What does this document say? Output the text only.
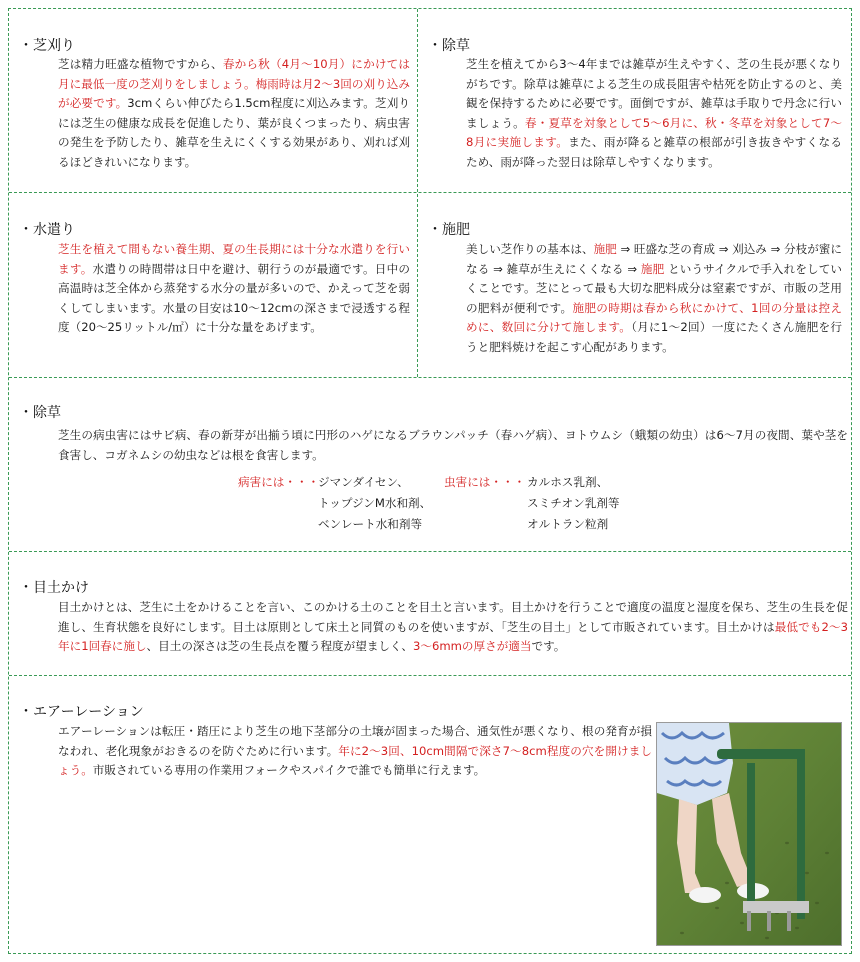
・芝刈り
芝は精力旺盛な植物ですから、春から秋（4月～10月）にかけては月に最低一度の芝刈りをしましょう。梅雨時は月2～3回の刈り込みが必要です。3cmくらい伸びたら1.5cm程度に刈込みます。芝刈りには芝生の健康な成長を促進したり、葉が良くつまったり、病虫害の発生を予防したり、雑草を生えにくくする効果があり、刈れば刈るほどきれいになります。
・除草
芝生を植えてから3～4年までは雑草が生えやすく、芝の生長が悪くなりがちです。除草は雑草による芝生の成長阻害や枯死を防止するのと、美観を保持するために必要です。面倒ですが、雑草は手取りで丹念に行いましょう。春・夏草を対象として5～6月に、秋・冬草を対象として7～8月に実施します。また、雨が降ると雑草の根部が引き抜きやすくなるため、雨が降った翌日は除草しやすくなります。
・水遣り
芝生を植えて間もない養生期、夏の生長期には十分な水遣りを行います。水遣りの時間帯は日中を避け、朝行うのが最適です。日中の高温時は芝全体から蒸発する水分の量が多いので、かえって芝を弱くしてしまいます。水量の目安は10～12cmの深さまで浸透する程度（20～25リットル/㎡）に十分な量をあげます。
・施肥
美しい芝作りの基本は、施肥 ⇒ 旺盛な芝の育成 ⇒ 刈込み ⇒ 分枝が蜜になる ⇒ 雑草が生えにくくなる ⇒ 施肥 というサイクルで手入れをしていくことです。芝にとって最も大切な肥料成分は窒素ですが、市販の芝用の肥料が便利です。施肥の時期は春から秋にかけて、1回の分量は控えめに、数回に分けて施します。（月に1～2回）一度にたくさん施肥を行うと肥料焼けを起こす心配があります。
・除草
芝生の病虫害にはサビ病、春の新芽が出揃う頃に円形のハゲになるブラウンパッチ（春ハゲ病）、ヨトウムシ（蛾類の幼虫）は6～7月の夜間、葉や茎を食害し、コガネムシの幼虫などは根を食害します。
病害には・・・
ジマンダイセン、
トップジンM水和剤、
ベンレート水和剤等
虫害には・・・ カルホス乳剤、
スミチオン乳剤等
オルトラン粒剤
・目土かけ
目土かけとは、芝生に土をかけることを言い、このかける土のことを目土と言います。目土かけを行うことで適度の温度と湿度を保ち、芝生の生長を促進し、生育状態を良好にします。目土は原則として床土と同質のものを使いますが、「芝生の目土」として市販されています。目土かけは最低でも2～3年に1回春に施し、目土の深さは芝の生長点を覆う程度が望ましく、3～6mmの厚さが適当です。
・エアーレーション
エアーレーションは転圧・踏圧により芝生の地下茎部分の土壌が固まった場合、通気性が悪くなり、根の発育が損なわれ、老化現象がおきるのを防ぐために行います。年に2～3回、10cm間隔で深さ7～8cm程度の穴を開けましょう。市販されている専用の作業用フォークやスパイクで誰でも簡単に行えます。
